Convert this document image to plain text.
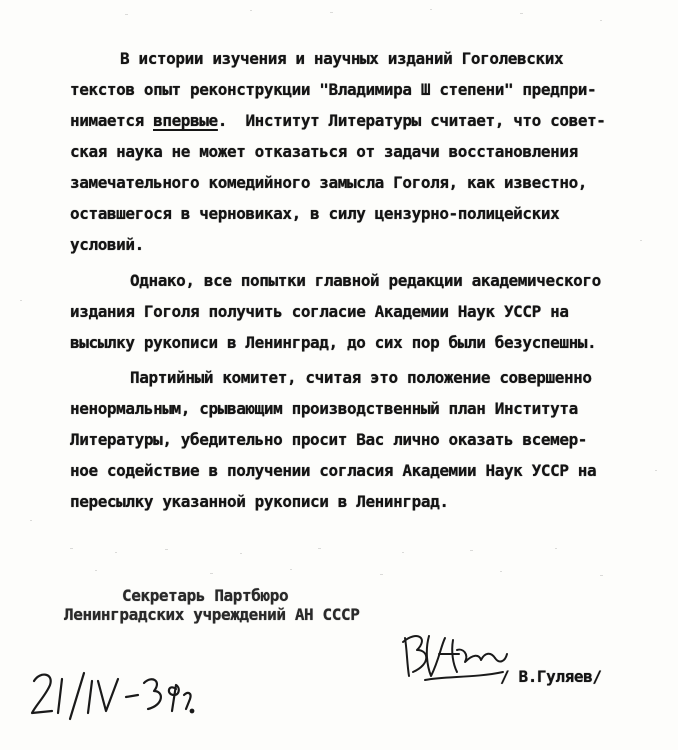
В истории изучения и научных изданий Гоголевских

текстов опыт реконструкции "Владимира Ш степени" предпри-

нимается впервые.  Институт Литературы считает, что совет-

ская наука не может отказаться от задачи восстановления

замечательного комедийного замысла Гоголя, как известно,

оставшегося в черновиках, в силу цензурно-полицейских

условий.

Однако, все попытки главной редакции академического

издания Гоголя получить согласие Академии Наук УССР на

высылку рукописи в Ленинград, до сих пор были безуспешны.

Партийный комитет, считая это положение совершенно

ненормальным, срывающим производственный план Института

Литературы, убедительно просит Вас лично оказать всемер-

ное содействие в получении согласия Академии Наук УССР на

пересылку указанной рукописи в Ленинград.

Секретарь Партбюро

Ленинградских учреждений АН СССР

/ В.Гуляев/
